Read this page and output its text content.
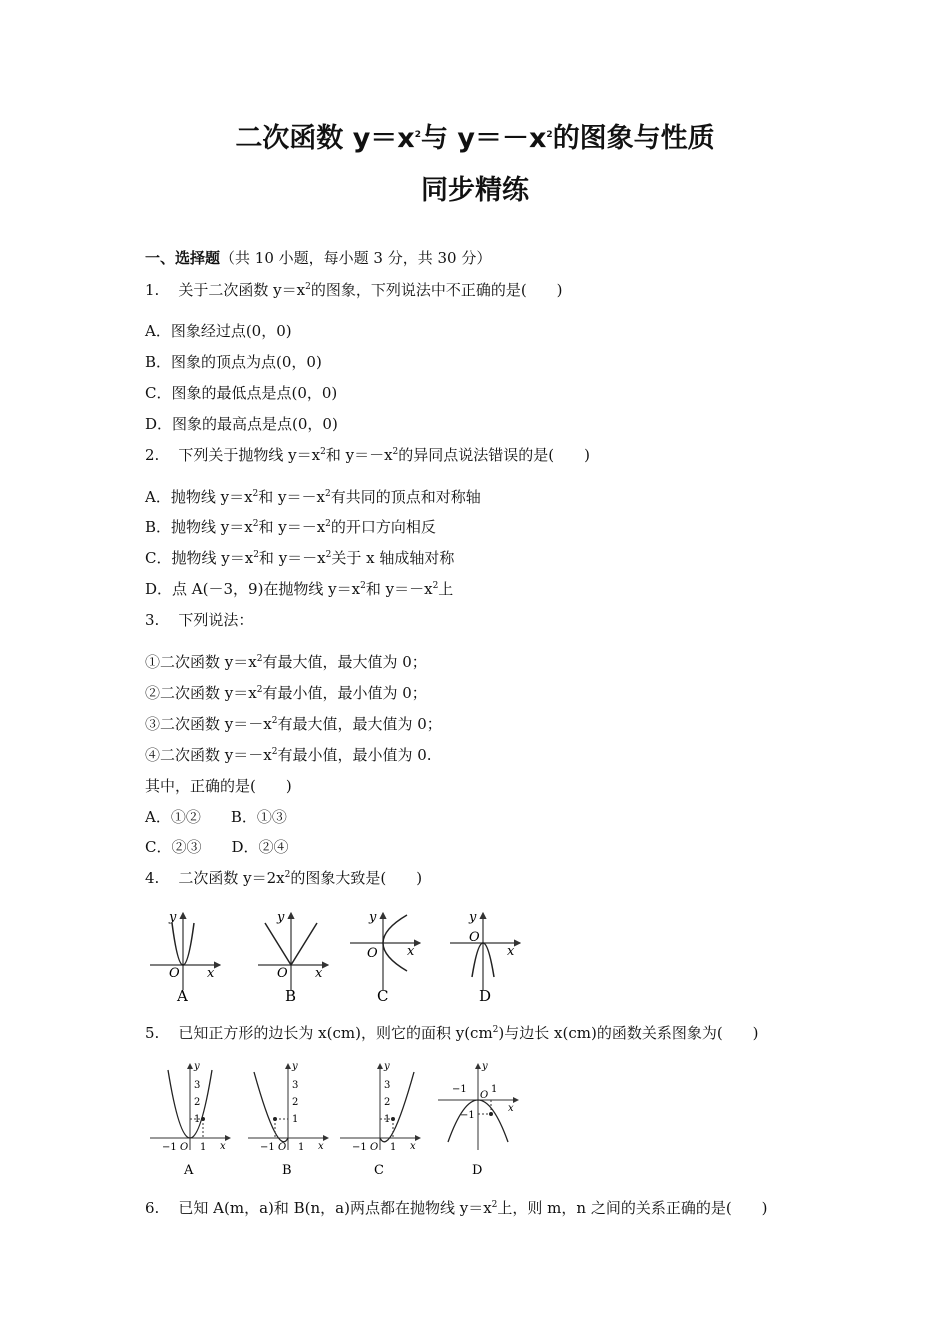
二次函数 $y=x^2$与 $y=-x^2$的图象与性质
同步精练
一、选择题（共 10 小题，每小题 3 分，共 30 分）
1. 关于二次函数 $y=x^2$的图象，下列说法中不正确的是(　　)
A．图象经过点(0，0)
B．图象的顶点为点(0，0)
C．图象的最低点是点(0，0)
D．图象的最高点是点(0，0)
2. 下列关于抛物线 $y=x^2$和 $y=-x^2$的异同点说法错误的是(　　)
A．抛物线 $y=x^2$和 $y=-x^2$有共同的顶点和对称轴
B．抛物线 $y=x^2$和 $y=-x^2$的开口方向相反
C．抛物线 $y=x^2$和 $y=-x^2$关于 x 轴成轴对称
D．点 A(－3，9)在抛物线 $y=x^2$和 $y=-x^2$上
3. 下列说法：
①二次函数 $y=x^2$有最大值，最大值为 0；
②二次函数 $y=x^2$有最小值，最小值为 0；
③二次函数 $y=-x^2$有最大值，最大值为 0；
④二次函数 $y=-x^2$有最小值，最小值为 0.
其中，正确的是(　　)
A．①②　　B．①③
C．②③　　D．②④
4. 二次函数 $y=2x^2$的图象大致是(　　)
y
O x
A
y
O x
B
y
O x
C
y
O
x
D
5. 已知正方形的边长为 x(cm)，则它的面积 $y(cm^2)$与边长 x(cm)的函数关系图象为(　　)
y
3
2
1
−1 O 1 x
A
y
3
2
1
−1 O 1 x
B
y
3
2
1
−1 O 1 x
C
y
−1
O
1
−1
x
D
6. 已知 A(m，a)和 B(n，a)两点都在抛物线 $y=x^2$上，则 m，n 之间的关系正确的是(　　)
